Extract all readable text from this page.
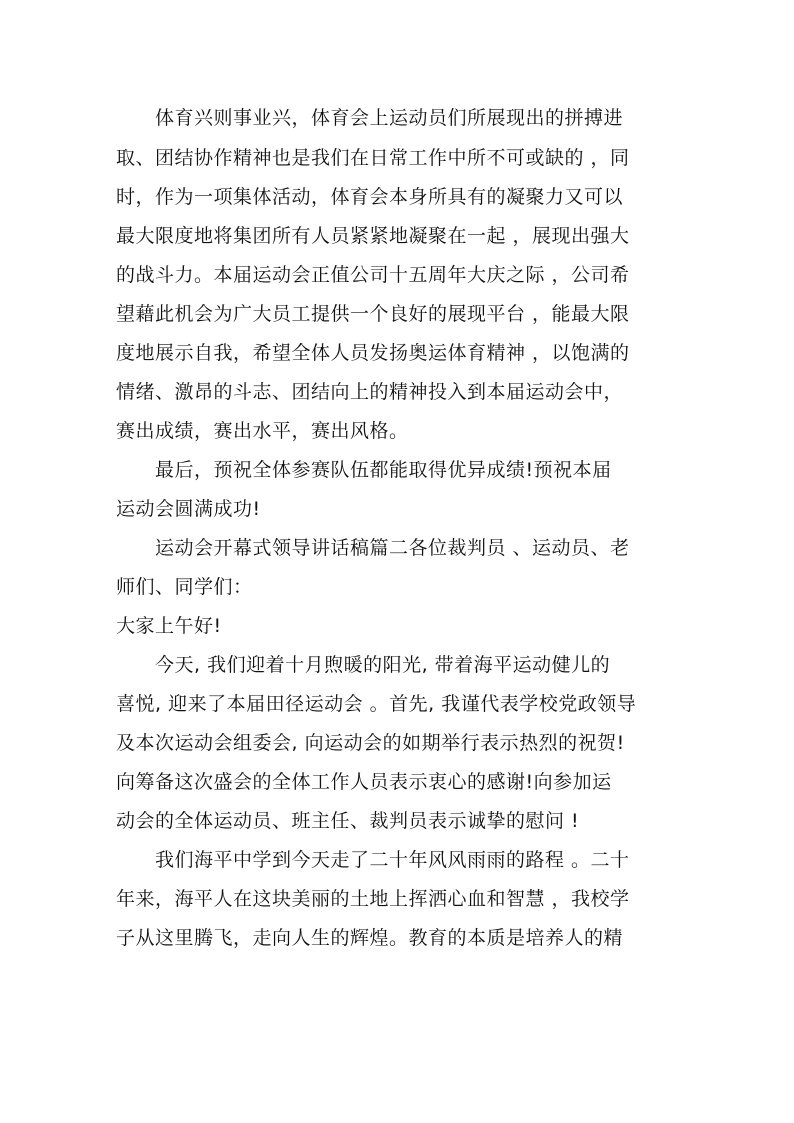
　　体育兴则事业兴，体育会上运动员们所展现出的拼搏进
取、团结协作精神也是我们在日常工作中所不可或缺的 ，同
时，作为一项集体活动，体育会本身所具有的凝聚力又可以
最大限度地将集团所有人员紧紧地凝聚在一起 ，展现出强大
的战斗力。本届运动会正值公司十五周年大庆之际 ，公司希
望藉此机会为广大员工提供一个良好的展现平台 ，能最大限
度地展示自我，希望全体人员发扬奥运体育精神 ，以饱满的
情绪、激昂的斗志、团结向上的精神投入到本届运动会中，
赛出成绩，赛出水平，赛出风格。
　　最后，预祝全体参赛队伍都能取得优异成绩!预祝本届
运动会圆满成功!
　　运动会开幕式领导讲话稿篇二各位裁判员 、运动员、老
师们、同学们：
大家上午好!
　　今天, 我们迎着十月煦暖的阳光, 带着海平运动健儿的
喜悦, 迎来了本届田径运动会 。首先, 我谨代表学校党政领导
及本次运动会组委会, 向运动会的如期举行表示热烈的祝贺!
向筹备这次盛会的全体工作人员表示衷心的感谢!向参加运
动会的全体运动员、班主任、裁判员表示诚挚的慰问 !
　　我们海平中学到今天走了二十年风风雨雨的路程 。二十
年来，海平人在这块美丽的土地上挥洒心血和智慧 ，我校学
子从这里腾飞，走向人生的辉煌。教育的本质是培养人的精
